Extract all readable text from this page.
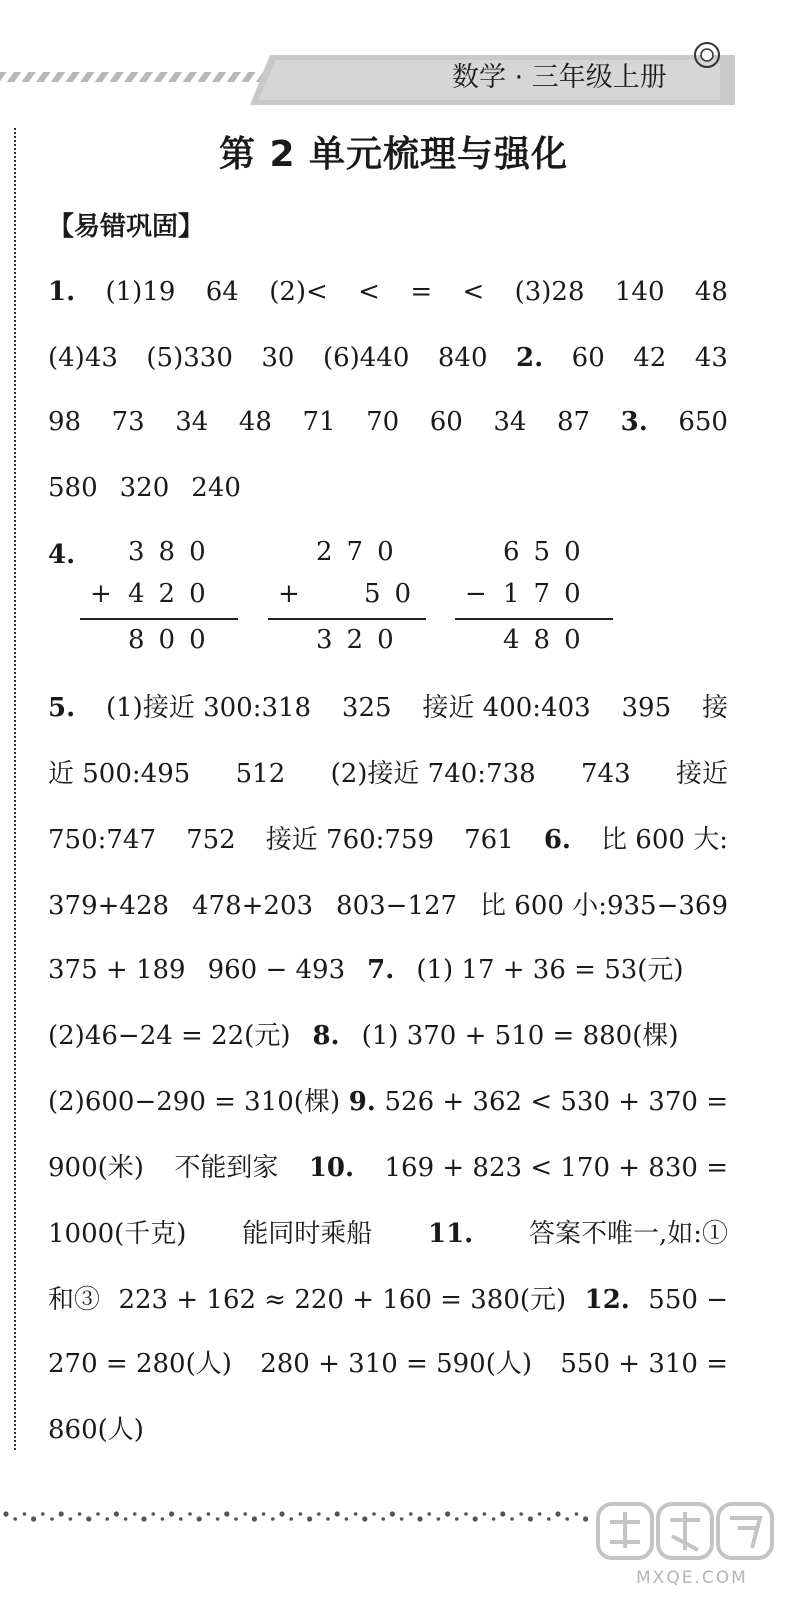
数学 · 三年级上册
第 2 单元梳理与强化
【易错巩固】
1. (1)19 64 (2)< < = < (3)28 140 48
(4)43 (5)330 30 (6)440 840 2. 60 42 43
98 73 34 48 71 70 60 34 87 3. 650
580 320 240
5. (1)接近 300:318 325 接近 400:403 395 接
近 500:495 512 (2)接近 740:738 743 接近
750:747 752 接近 760:759 761 6. 比 600 大:
379+428 478+203 803−127 比 600 小:935−369
375 + 189 960 − 493 7. (1) 17 + 36 = 53(元)
(2)46−24 = 22(元) 8. (1) 370 + 510 = 880(棵)
(2)600−290 = 310(棵) 9. 526 + 362 < 530 + 370 =
900(米) 不能到家 10. 169 + 823 < 170 + 830 =
1000(千克) 能同时乘船 11. 答案不唯一,如:①
和③ 223 + 162 ≈ 220 + 160 = 380(元) 12. 550 −
270 = 280(人) 280 + 310 = 590(人) 550 + 310 =
860(人)
4. 380
+ 420
800
270
+ 50
320
650
− 170
480
MXQE.COM
